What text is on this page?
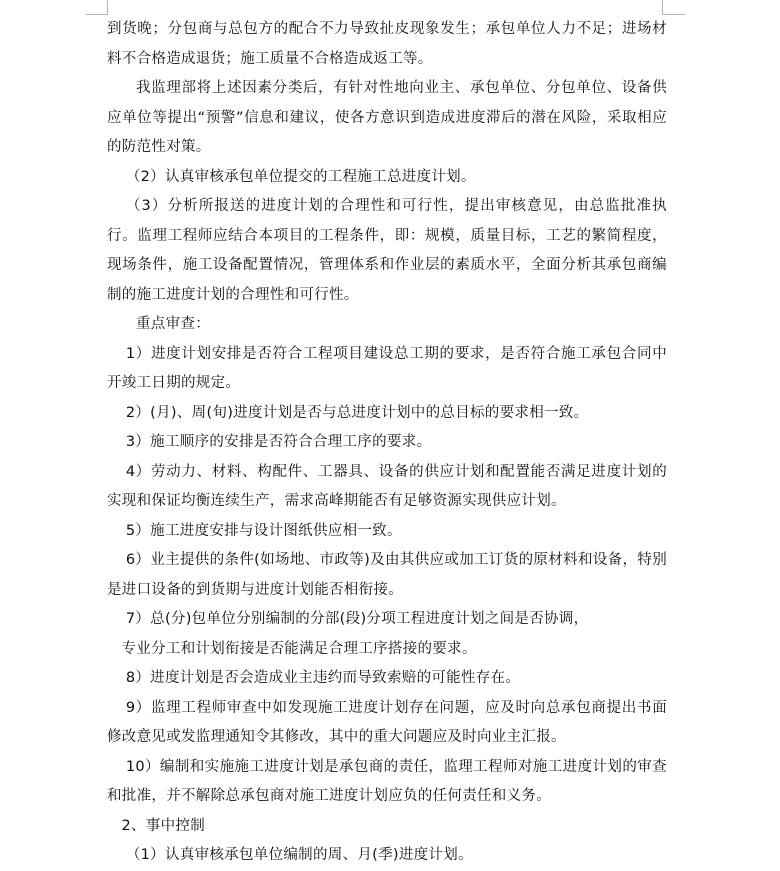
到货晚；分包商与总包方的配合不力导致扯皮现象发生；承包单位人力不足；进场材料不合格造成退货；施工质量不合格造成返工等。

我监理部将上述因素分类后，有针对性地向业主、承包单位、分包单位、设备供应单位等提出“预警”信息和建议，使各方意识到造成进度滞后的潜在风险，采取相应的防范性对策。

（2）认真审核承包单位提交的工程施工总进度计划。

（3）分析所报送的进度计划的合理性和可行性，提出审核意见，由总监批准执行。监理工程师应结合本项目的工程条件，即：规模，质量目标，工艺的繁简程度，现场条件，施工设备配置情况，管理体系和作业层的素质水平，全面分析其承包商编制的施工进度计划的合理性和可行性。

重点审查：

1）进度计划安排是否符合工程项目建设总工期的要求，是否符合施工承包合同中开竣工日期的规定。

2）(月)、周(旬)进度计划是否与总进度计划中的总目标的要求相一致。

3）施工顺序的安排是否符合合理工序的要求。

4）劳动力、材料、构配件、工器具、设备的供应计划和配置能否满足进度计划的实现和保证均衡连续生产，需求高峰期能否有足够资源实现供应计划。

5）施工进度安排与设计图纸供应相一致。

6）业主提供的条件(如场地、市政等)及由其供应或加工订货的原材料和设备，特别是进口设备的到货期与进度计划能否相衔接。

7）总(分)包单位分别编制的分部(段)分项工程进度计划之间是否协调，

专业分工和计划衔接是否能满足合理工序搭接的要求。

8）进度计划是否会造成业主违约而导致索赔的可能性存在。

9）监理工程师审查中如发现施工进度计划存在问题，应及时向总承包商提出书面修改意见或发监理通知令其修改，其中的重大问题应及时向业主汇报。

10）编制和实施施工进度计划是承包商的责任，监理工程师对施工进度计划的审查和批准，并不解除总承包商对施工进度计划应负的任何责任和义务。

2、事中控制

（1）认真审核承包单位编制的周、月(季)进度计划。
